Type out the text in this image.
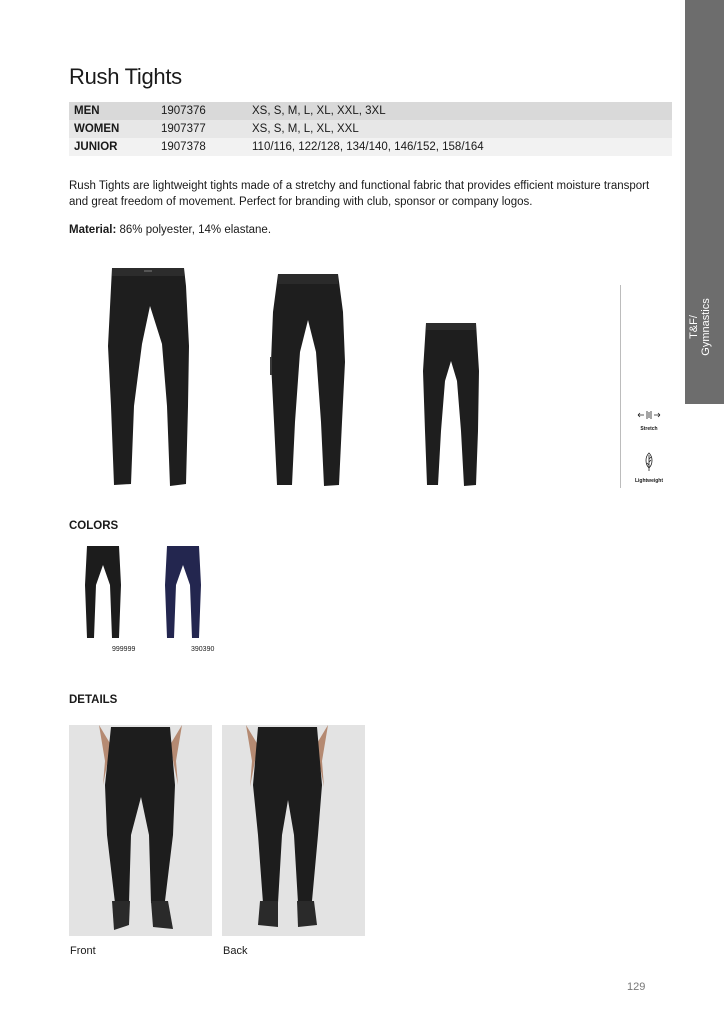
T&F/ Gymnastics
Rush Tights
MEN	1907376	XS, S, M, L, XL, XXL, 3XL
WOMEN	1907377	XS, S, M, L, XL, XXL
JUNIOR	1907378	110/116, 122/128, 134/140, 146/152, 158/164

Rush Tights are lightweight tights made of a stretchy and functional fabric that provides efficient moisture transport and great freedom of movement. Perfect for branding with club, sponsor or company logos.

Material: 86% polyester, 14% elastane.
Stretch
Lightweight
COLORS
999999	390390
DETAILS
Front	Back
129
